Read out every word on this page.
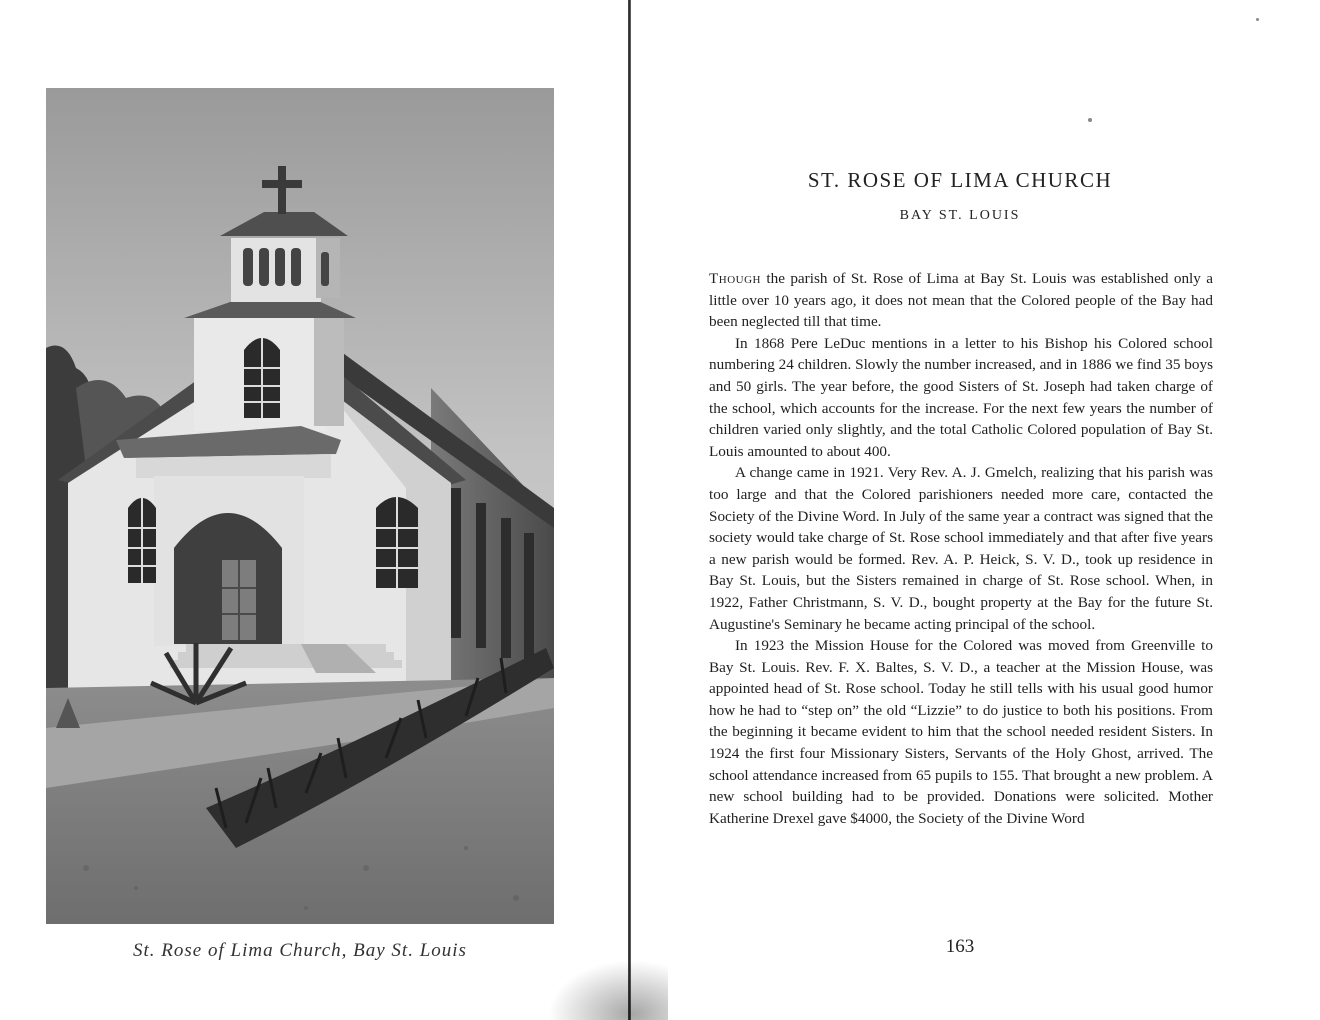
St. Rose of Lima Church, Bay St. Louis
ST. ROSE OF LIMA CHURCH
BAY ST. LOUIS

Though the parish of St. Rose of Lima at Bay St. Louis was established only a little over 10 years ago, it does not mean that the Colored people of the Bay had been neglected till that time.

In 1868 Pere LeDuc mentions in a letter to his Bishop his Colored school numbering 24 children. Slowly the number increased, and in 1886 we find 35 boys and 50 girls. The year before, the good Sisters of St. Joseph had taken charge of the school, which accounts for the increase. For the next few years the number of children varied only slightly, and the total Catholic Colored population of Bay St. Louis amounted to about 400.

A change came in 1921. Very Rev. A. J. Gmelch, realizing that his parish was too large and that the Colored parishioners needed more care, contacted the Society of the Divine Word. In July of the same year a contract was signed that the society would take charge of St. Rose school immediately and that after five years a new parish would be formed. Rev. A. P. Heick, S. V. D., took up residence in Bay St. Louis, but the Sisters remained in charge of St. Rose school. When, in 1922, Father Christmann, S. V. D., bought property at the Bay for the future St. Augustine's Seminary he became acting principal of the school.

In 1923 the Mission House for the Colored was moved from Greenville to Bay St. Louis. Rev. F. X. Baltes, S. V. D., a teacher at the Mission House, was appointed head of St. Rose school. Today he still tells with his usual good humor how he had to “step on” the old “Lizzie” to do justice to both his positions. From the beginning it became evident to him that the school needed resident Sisters. In 1924 the first four Missionary Sisters, Servants of the Holy Ghost, arrived. The school attendance increased from 65 pupils to 155. That brought a new problem. A new school building had to be provided. Donations were solicited. Mother Katherine Drexel gave $4000, the Society of the Divine Word

163
